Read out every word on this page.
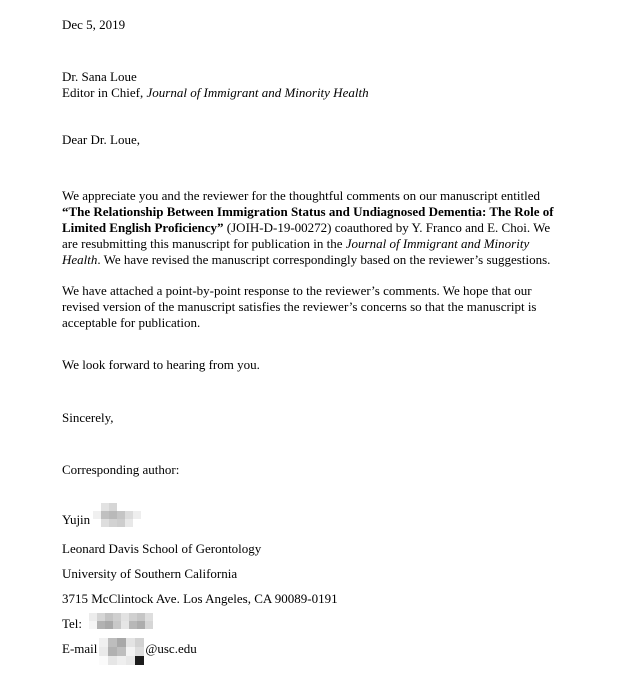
Dec 5, 2019

Dr. Sana Loue

Editor in Chief, Journal of Immigrant and Minority Health

Dear Dr. Loue,

We appreciate you and the reviewer for the thoughtful comments on our manuscript entitled
“The Relationship Between Immigration Status and Undiagnosed Dementia: The Role of
Limited English Proficiency” (JOIH-D-19-00272) coauthored by Y. Franco and E. Choi. We
are resubmitting this manuscript for publication in the Journal of Immigrant and Minority
Health. We have revised the manuscript correspondingly based on the reviewer’s suggestions.

We have attached a point-by-point response to the reviewer’s comments. We hope that our
revised version of the manuscript satisfies the reviewer’s concerns so that the manuscript is
acceptable for publication.

We look forward to hearing from you.

Sincerely,

Corresponding author:

Yujin

Leonard Davis School of Gerontology

University of Southern California

3715 McClintock Ave. Los Angeles, CA 90089-0191

Tel:

E-mail	@usc.edu
